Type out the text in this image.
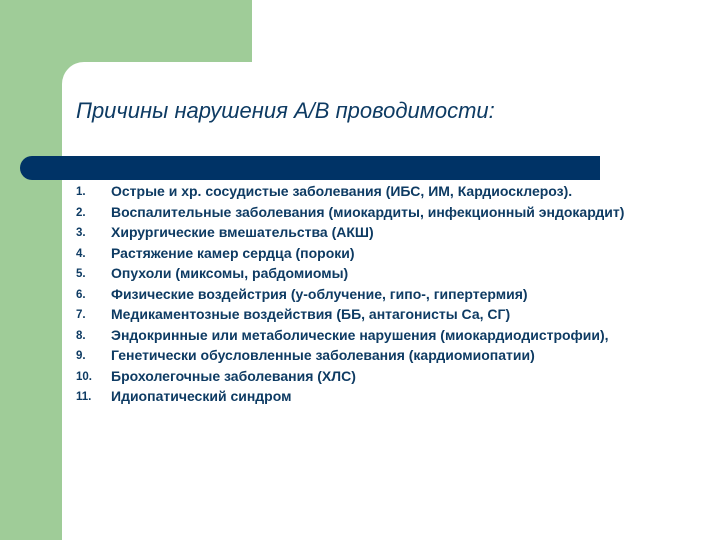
Причины нарушения А/В проводимости:
1. Острые и хр. сосудистые заболевания (ИБС, ИМ, Кардиосклероз).
2. Воспалительные заболевания (миокардиты, инфекционный эндокардит)
3. Хирургические вмешательства (АКШ)
4. Растяжение камер сердца (пороки)
5. Опухоли (миксомы, рабдомиомы)
6. Физические воздейстрия (у-облучение, гипо-, гипертермия)
7. Медикаментозные воздействия (ББ, антагонисты Са, СГ)
8. Эндокринные или метаболические нарушения (миокардиодистрофии),
9. Генетически обусловленные заболевания (кардиомиопатии)
10. Брохолегочные заболевания (ХЛС)
11. Идиопатический синдром
